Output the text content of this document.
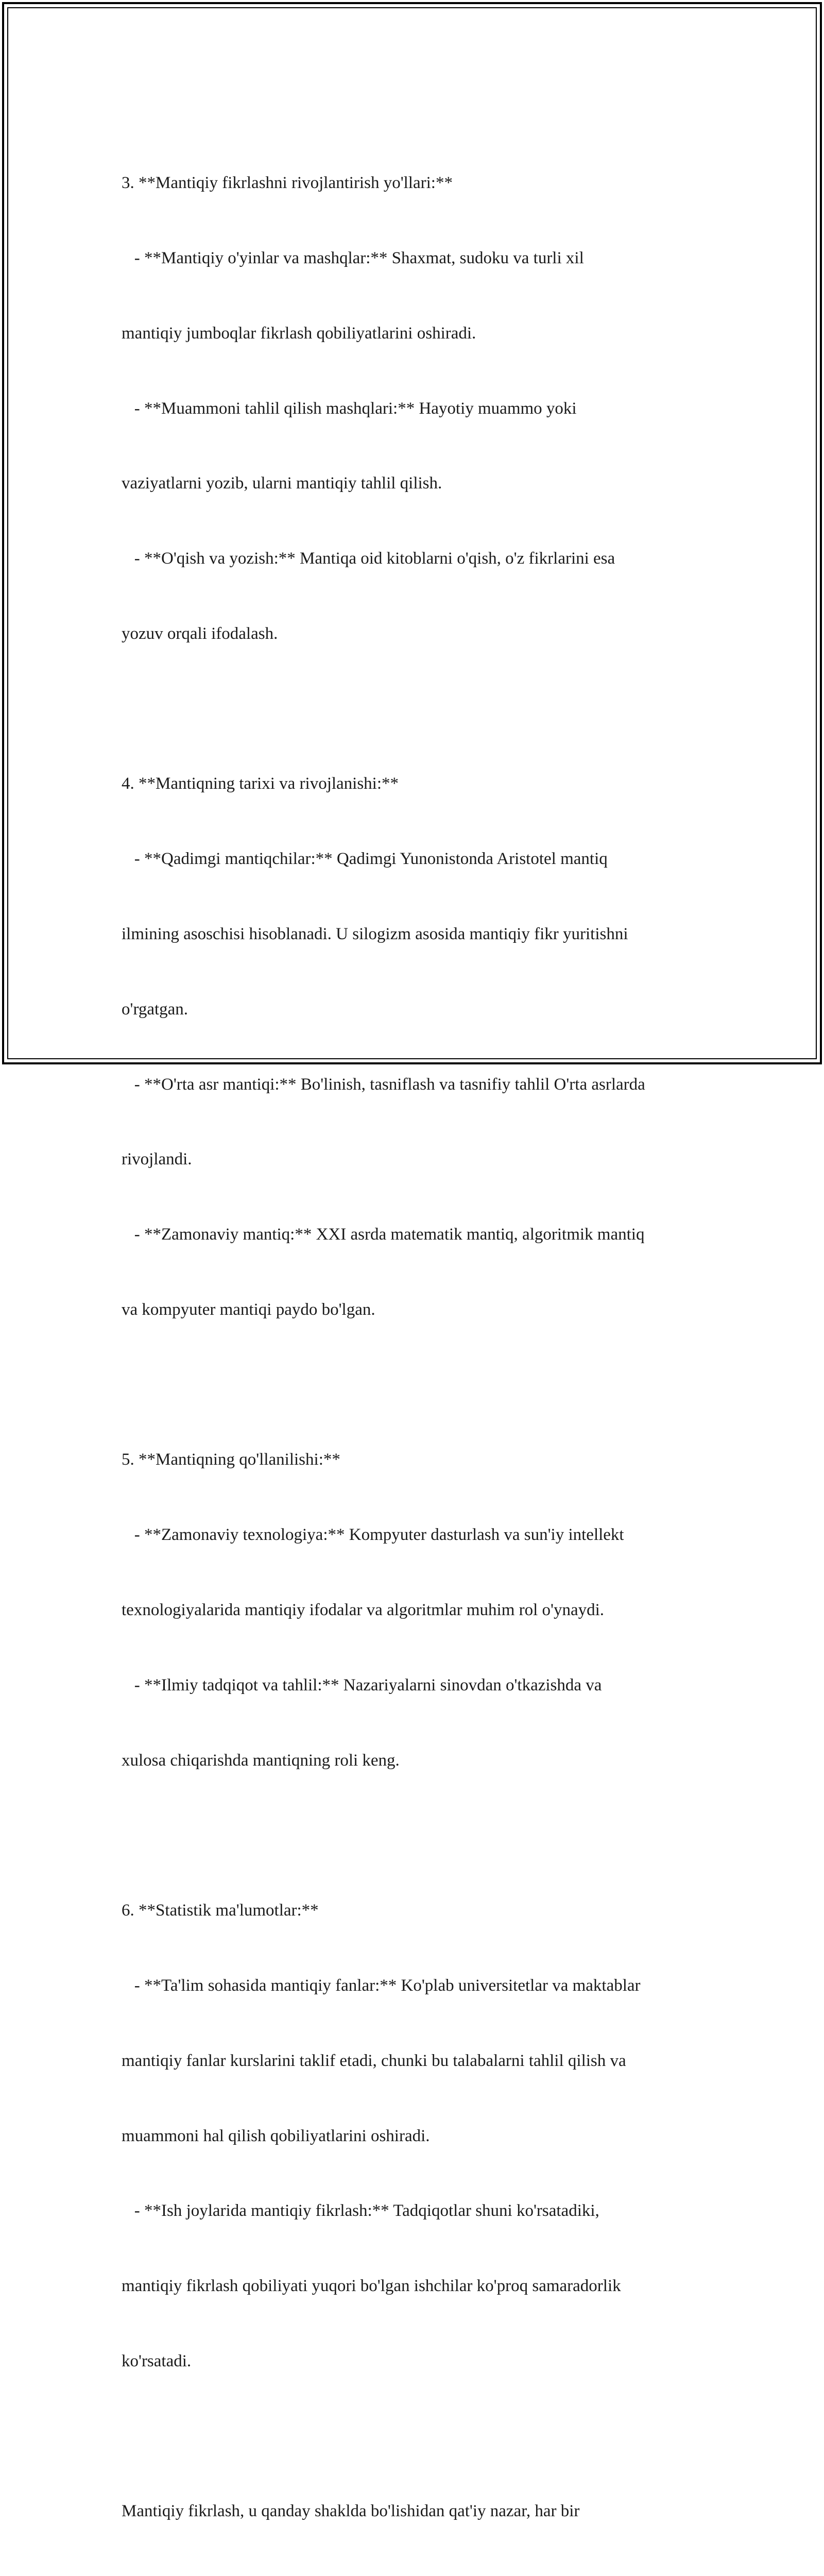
3. **Mantiqiy fikrlashni rivojlantirish yo'llari:**

- **Mantiqiy o'yinlar va mashqlar:** Shaxmat, sudoku va turli xil

mantiqiy jumboqlar fikrlash qobiliyatlarini oshiradi.

- **Muammoni tahlil qilish mashqlari:** Hayotiy muammo yoki

vaziyatlarni yozib, ularni mantiqiy tahlil qilish.

- **O'qish va yozish:** Mantiqa oid kitoblarni o'qish, o'z fikrlarini esa

yozuv orqali ifodalash.

4. **Mantiqning tarixi va rivojlanishi:**

- **Qadimgi mantiqchilar:** Qadimgi Yunonistonda Aristotel mantiq

ilmining asoschisi hisoblanadi. U silogizm asosida mantiqiy fikr yuritishni

o'rgatgan.

- **O'rta asr mantiqi:** Bo'linish, tasniflash va tasnifiy tahlil O'rta asrlarda

rivojlandi.

- **Zamonaviy mantiq:** XXI asrda matematik mantiq, algoritmik mantiq

va kompyuter mantiqi paydo bo'lgan.

5. **Mantiqning qo'llanilishi:**

- **Zamonaviy texnologiya:** Kompyuter dasturlash va sun'iy intellekt

texnologiyalarida mantiqiy ifodalar va algoritmlar muhim rol o'ynaydi.

- **Ilmiy tadqiqot va tahlil:** Nazariyalarni sinovdan o'tkazishda va

xulosa chiqarishda mantiqning roli keng.

6. **Statistik ma'lumotlar:**

- **Ta'lim sohasida mantiqiy fanlar:** Ko'plab universitetlar va maktablar

mantiqiy fanlar kurslarini taklif etadi, chunki bu talabalarni tahlil qilish va

muammoni hal qilish qobiliyatlarini oshiradi.

- **Ish joylarida mantiqiy fikrlash:** Tadqiqotlar shuni ko'rsatadiki,

mantiqiy fikrlash qobiliyati yuqori bo'lgan ishchilar ko'proq samaradorlik

ko'rsatadi.

Mantiqiy fikrlash, u qanday shaklda bo'lishidan qat'iy nazar, har bir
